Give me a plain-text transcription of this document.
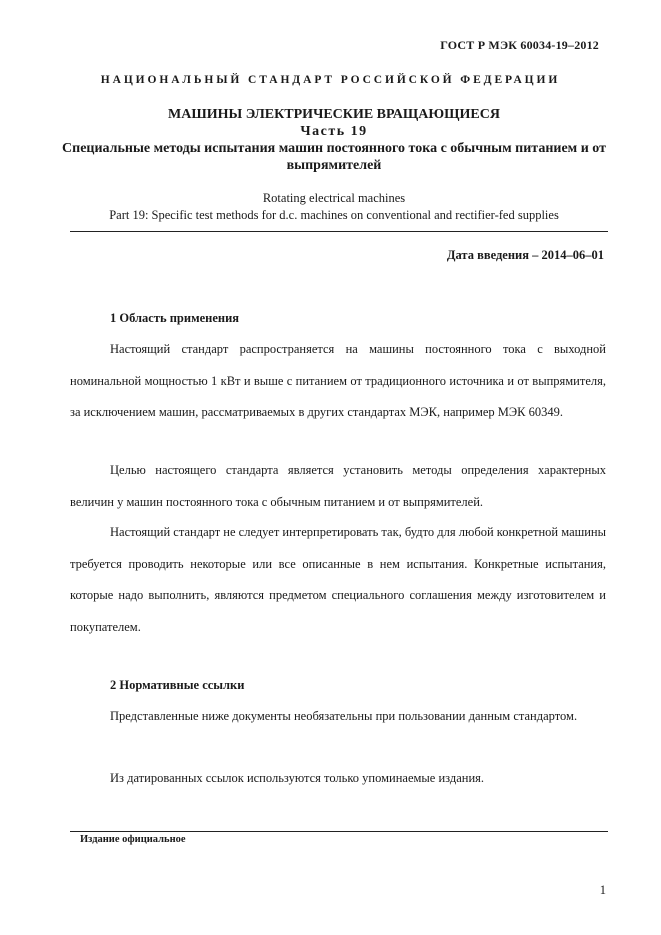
ГОСТ Р МЭК 60034-19–2012
НАЦИОНАЛЬНЫЙ СТАНДАРТ РОССИЙСКОЙ ФЕДЕРАЦИИ
МАШИНЫ ЭЛЕКТРИЧЕСКИЕ ВРАЩАЮЩИЕСЯ
Часть 19
Специальные методы испытания машин постоянного тока с обычным питанием и от выпрямителей
Rotating electrical machines
Part 19: Specific test methods for d.c. machines on conventional and rectifier-fed supplies
Дата введения – 2014–06–01
1 Область применения

Настоящий стандарт распространяется на машины постоянного тока с выходной номинальной мощностью 1 кВт и выше с питанием от традиционного источника и от выпрямителя, за исключением машин, рассматриваемых в других стандартах МЭК, например МЭК 60349.

Целью настоящего стандарта является установить методы определения характерных величин у машин постоянного тока с обычным питанием и от выпрямителей.

Настоящий стандарт не следует интерпретировать так, будто для любой конкретной машины требуется проводить некоторые или все описанные в нем испытания. Конкретные испытания, которые надо выполнить, являются предметом специального соглашения между изготовителем и покупателем.

2 Нормативные ссылки

Представленные ниже документы необязательны при пользовании данным стандартом.

Из датированных ссылок используются только упоминаемые издания.

Издание официальное
1
